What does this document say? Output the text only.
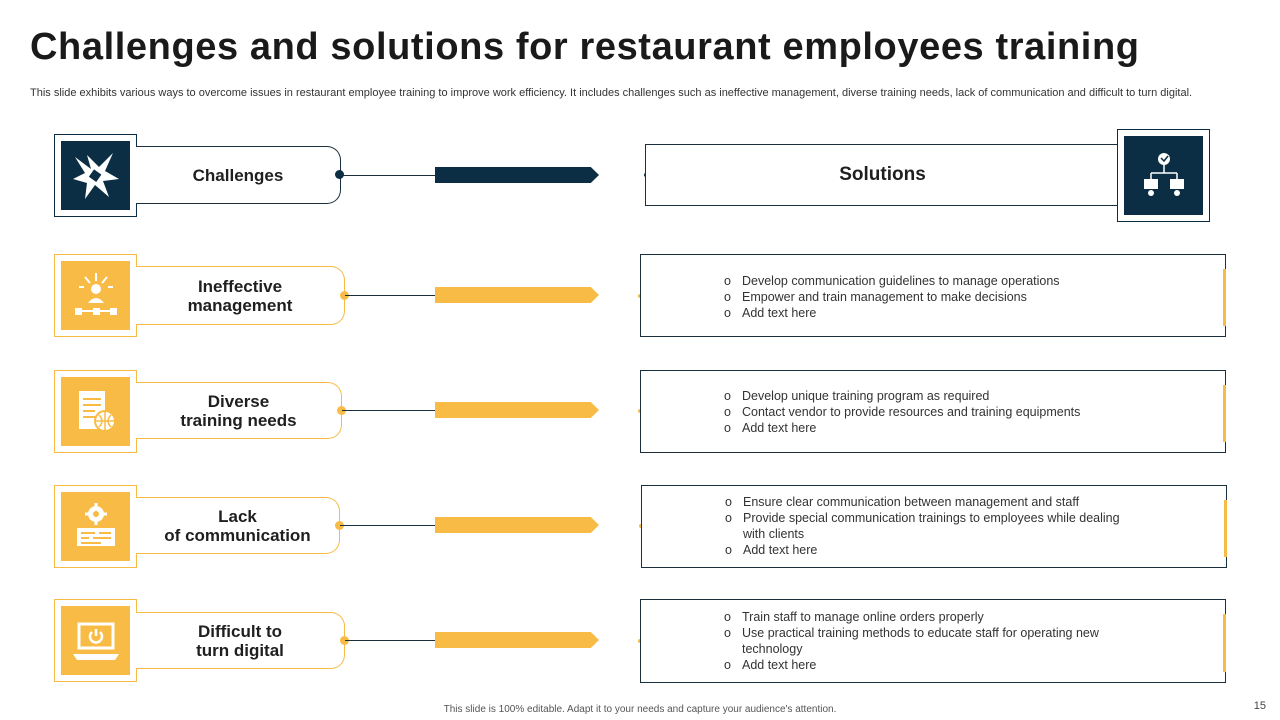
Challenges and solutions for restaurant employees training
This slide exhibits various ways to overcome issues in restaurant employee training to improve work efficiency. It includes challenges such as ineffective management, diverse training needs, lack of communication and difficult to turn digital.
Challenges	Solutions
Ineffective
management
o Develop communication guidelines to manage operations
o Empower and train management to make decisions
o Add text here
Diverse
training needs
o Develop unique training program as required
o Contact vendor to provide resources and training equipments
o Add text here
Lack
of communication
o Ensure clear communication between management and staff
o Provide special communication trainings to employees while dealing with clients
o Add text here
Difficult to
turn digital
o Train staff to manage online orders properly
o Use practical training methods to educate staff for operating new technology
o Add text here
This slide is 100% editable. Adapt it to your needs and capture your audience's attention.	15
